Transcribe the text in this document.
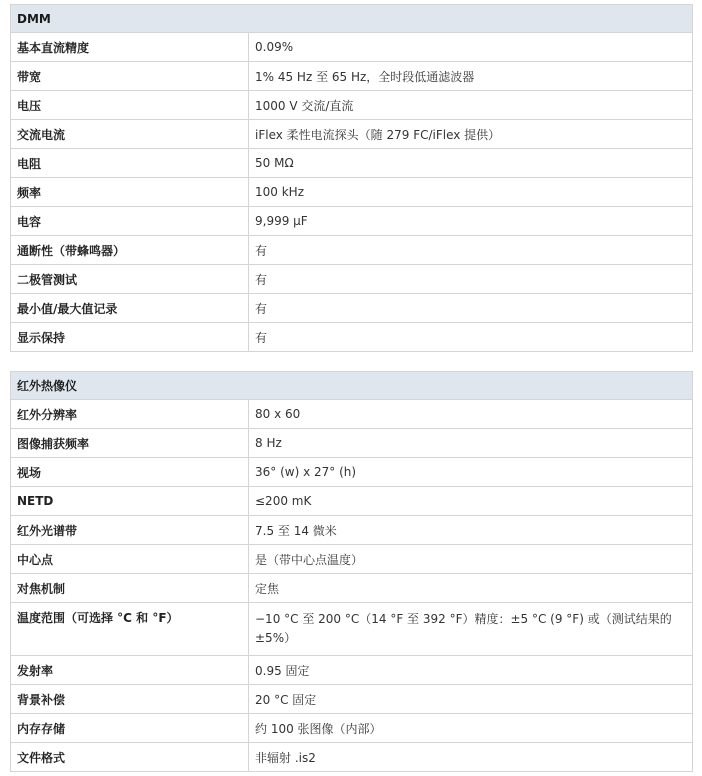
DMM	
基本直流精度	0.09%
带宽	1% 45 Hz 至 65 Hz，全时段低通滤波器
电压	1000 V 交流/直流
交流电流	iFlex 柔性电流探头（随 279 FC/iFlex 提供）
电阻	50 MΩ
频率	100 kHz
电容	9,999 μF
通断性（带蜂鸣器）	有
二极管测试	有
最小值/最大值记录	有
显示保持	有
红外热像仪	
红外分辨率	80 x 60
图像捕获频率	8 Hz
视场	36° (w) x 27° (h)
NETD	≤200 mK
红外光谱带	7.5 至 14 微米
中心点	是（带中心点温度）
对焦机制	定焦
温度范围（可选择 °C 和 °F）	−10 °C 至 200 °C（14 °F 至 392 °F）精度：±5 °C (9 °F) 或（测试结果的 ±5%）
发射率	0.95 固定
背景补偿	20 °C 固定
内存存储	约 100 张图像（内部）
文件格式	非辐射 .is2
